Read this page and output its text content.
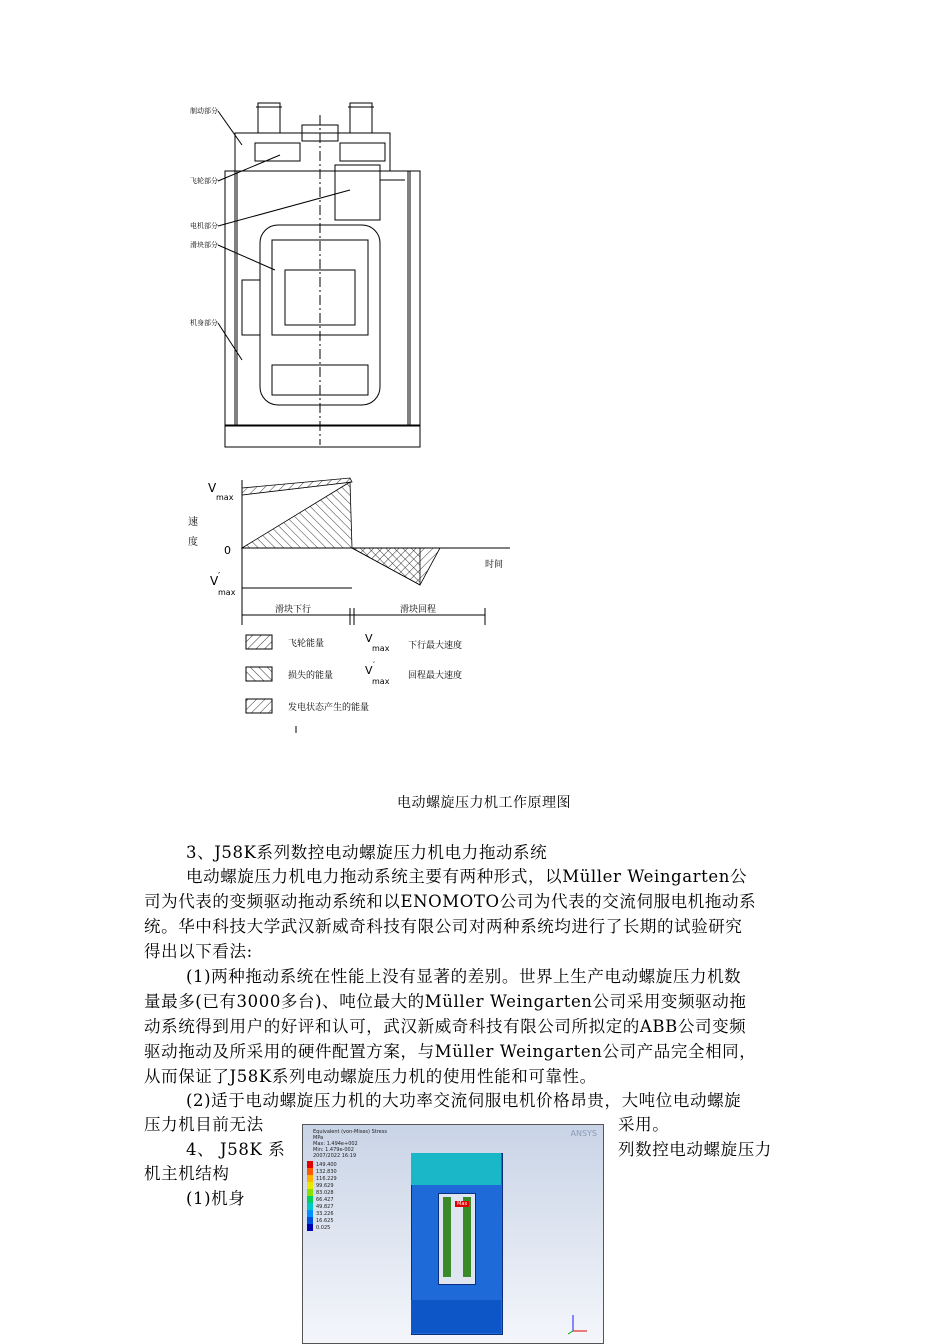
制动部分
飞轮部分
电机部分
滑块部分
机身部分
V
max
速
度
0
V ′
max
时间
滑块下行	滑块回程
飞轮能量
损失的能量
发电状态产生的能量
V
max 下行最大速度
V ′
max
回程最大速度
电动螺旋压力机工作原理图
3、J58K系列数控电动螺旋压力机电力拖动系统
电动螺旋压力机电力拖动系统主要有两种形式，以Müller Weingarten公
司为代表的变频驱动拖动系统和以ENOMOTO公司为代表的交流伺服电机拖动系
统。华中科技大学武汉新威奇科技有限公司对两种系统均进行了长期的试验研究
得出以下看法:
(1)两种拖动系统在性能上没有显著的差别。世界上生产电动螺旋压力机数
量最多(已有3000多台)、吨位最大的Müller Weingarten公司采用变频驱动拖
动系统得到用户的好评和认可，武汉新威奇科技有限公司所拟定的ABB公司变频
驱动拖动及所采用的硬件配置方案，与Müller Weingarten公司产品完全相同，
从而保证了J58K系列电动螺旋压力机的使用性能和可靠性。
(2)适于电动螺旋压力机的大功率交流伺服电机价格昂贵，大吨位电动螺旋
压力机目前无法	采用。
4、 J58K 系	列数控电动螺旋压力
机主机结构
(1)机身
Equivalent (von-Mises) Stress
MPa
Max: 1.494e+002
Min: 1.479e-002
2007/2022 16:19
ANSYS
149.400
132.830
116.229
99.629
83.028
66.427
49.827
33.226
16.625
0.025
Max
